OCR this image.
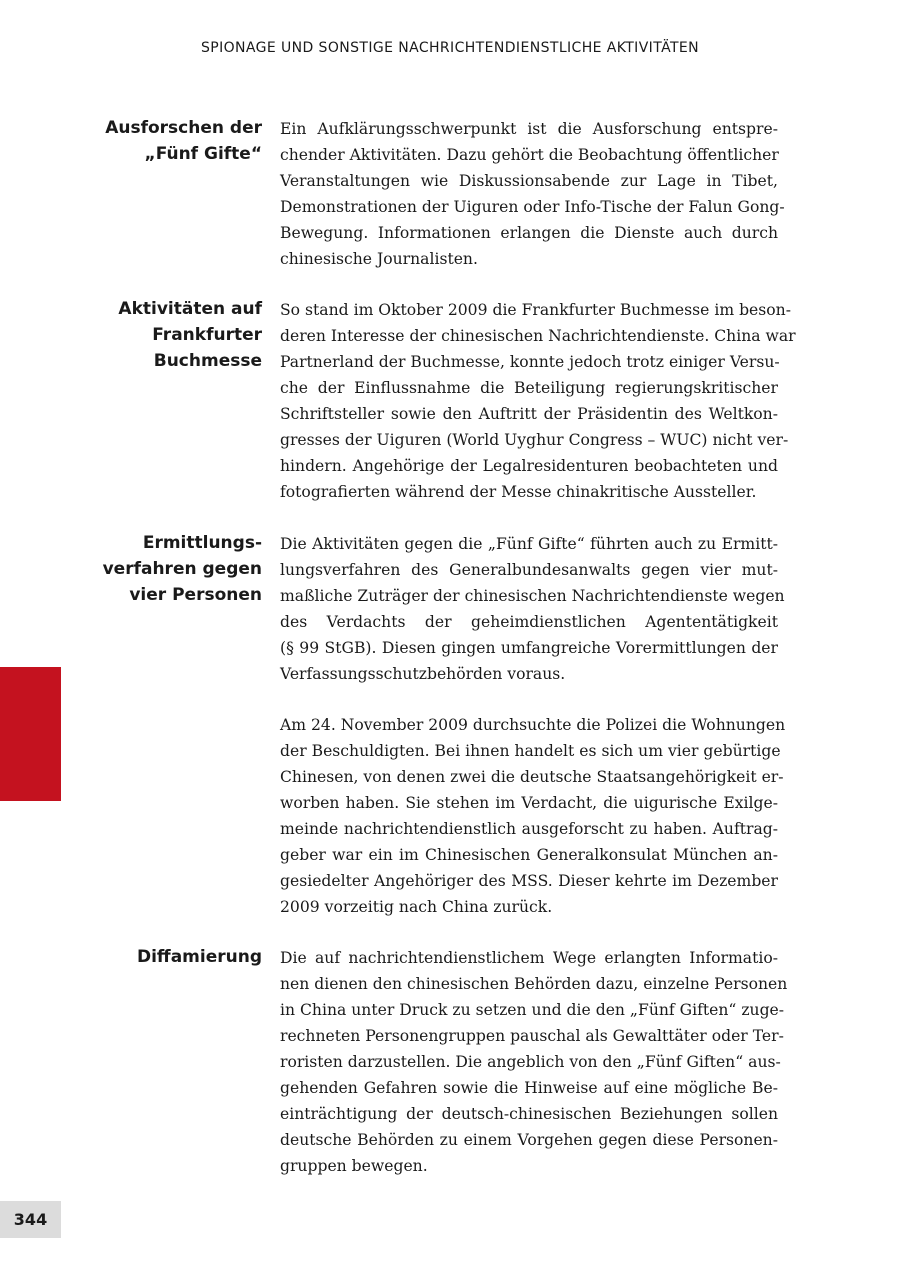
SPIONAGE UND SONSTIGE NACHRICHTENDIENSTLICHE AKTIVITÄTEN
Ausforschen der
„Fünf Gifte“
Ein Aufklärungsschwerpunkt ist die Ausforschung entspre-
chender Aktivitäten. Dazu gehört die Beobachtung öffentlicher
Veranstaltungen wie Diskussionsabende zur Lage in Tibet,
Demonstrationen der Uiguren oder Info-Tische der Falun Gong-
Bewegung. Informationen erlangen die Dienste auch durch
chinesische Journalisten.
Aktivitäten auf
Frankfurter
Buchmesse
So stand im Oktober 2009 die Frankfurter Buchmesse im beson-
deren Interesse der chinesischen Nachrichtendienste. China war
Partnerland der Buchmesse, konnte jedoch trotz einiger Versu-
che der Einflussnahme die Beteiligung regierungskritischer
Schriftsteller sowie den Auftritt der Präsidentin des Weltkon-
gresses der Uiguren (World Uyghur Congress – WUC) nicht ver-
hindern. Angehörige der Legalresidenturen beobachteten und
fotografierten während der Messe chinakritische Aussteller.
Ermittlungs-
verfahren gegen
vier Personen
Die Aktivitäten gegen die „Fünf Gifte“ führten auch zu Ermitt-
lungsverfahren des Generalbundesanwalts gegen vier mut-
maßliche Zuträger der chinesischen Nachrichtendienste wegen
des Verdachts der geheimdienstlichen Agententätigkeit
(§ 99 StGB). Diesen gingen umfangreiche Vorermittlungen der
Verfassungsschutzbehörden voraus.
Am 24. November 2009 durchsuchte die Polizei die Wohnungen
der Beschuldigten. Bei ihnen handelt es sich um vier gebürtige
Chinesen, von denen zwei die deutsche Staatsangehörigkeit er-
worben haben. Sie stehen im Verdacht, die uigurische Exilge-
meinde nachrichtendienstlich ausgeforscht zu haben. Auftrag-
geber war ein im Chinesischen Generalkonsulat München an-
gesiedelter Angehöriger des MSS. Dieser kehrte im Dezember
2009 vorzeitig nach China zurück.
Diffamierung Die auf nachrichtendienstlichem Wege erlangten Informatio-
nen dienen den chinesischen Behörden dazu, einzelne Personen
in China unter Druck zu setzen und die den „Fünf Giften“ zuge-
rechneten Personengruppen pauschal als Gewalttäter oder Ter-
roristen darzustellen. Die angeblich von den „Fünf Giften“ aus-
gehenden Gefahren sowie die Hinweise auf eine mögliche Be-
einträchtigung der deutsch-chinesischen Beziehungen sollen
deutsche Behörden zu einem Vorgehen gegen diese Personen-
gruppen bewegen.
344
